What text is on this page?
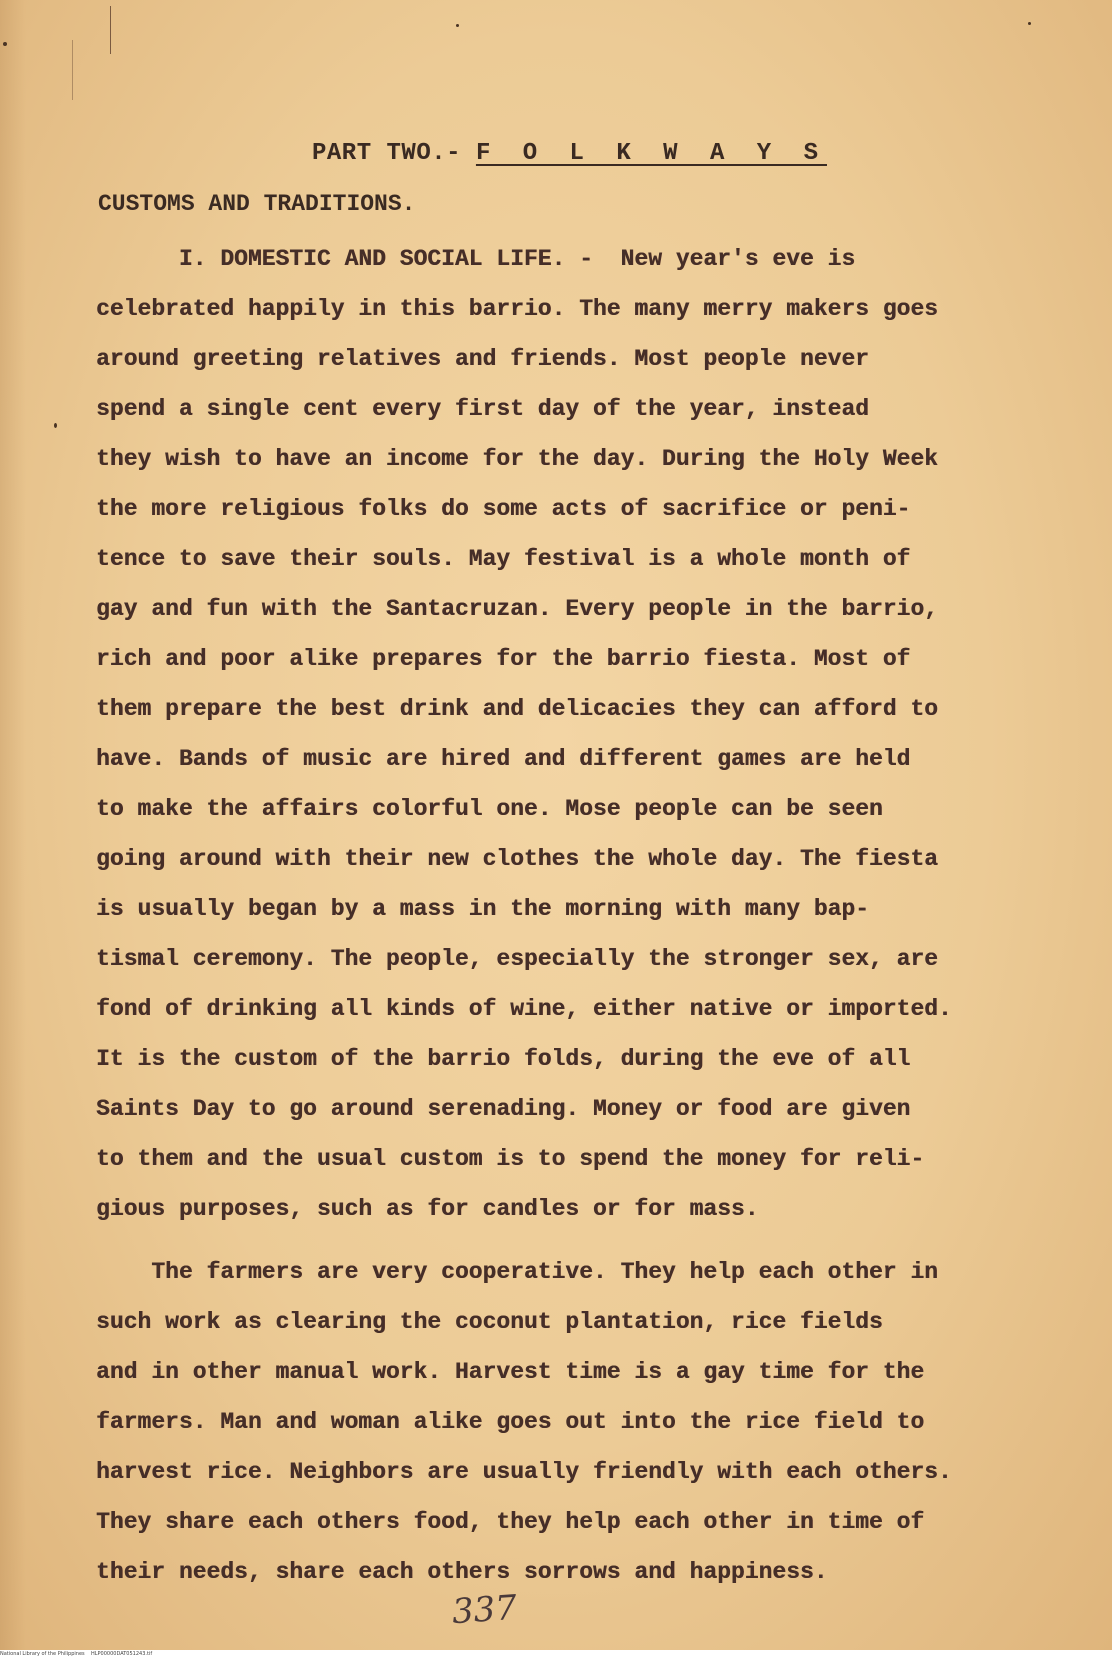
PART TWO.- F O L K W A Y S
CUSTOMS AND TRADITIONS.
I. DOMESTIC AND SOCIAL LIFE. -  New year's eve is
celebrated happily in this barrio. The many merry makers goes
around greeting relatives and friends. Most people never
spend a single cent every first day of the year, instead
they wish to have an income for the day. During the Holy Week
the more religious folks do some acts of sacrifice or peni-
tence to save their souls. May festival is a whole month of
gay and fun with the Santacruzan. Every people in the barrio,
rich and poor alike prepares for the barrio fiesta. Most of
them prepare the best drink and delicacies they can afford to
have. Bands of music are hired and different games are held
to make the affairs colorful one. Mose people can be seen
going around with their new clothes the whole day. The fiesta
is usually began by a mass in the morning with many bap-
tismal ceremony. The people, especially the stronger sex, are
fond of drinking all kinds of wine, either native or imported.
It is the custom of the barrio folds, during the eve of all
Saints Day to go around serenading. Money or food are given
to them and the usual custom is to spend the money for reli-
gious purposes, such as for candles or for mass.
The farmers are very cooperative. They help each other in
such work as clearing the coconut plantation, rice fields
and in other manual work. Harvest time is a gay time for the
farmers. Man and woman alike goes out into the rice field to
harvest rice. Neighbors are usually friendly with each others.
They share each others food, they help each other in time of
their needs, share each others sorrows and happiness.
337
National Library of the Philippines    HLP00000DAT051243.tif
